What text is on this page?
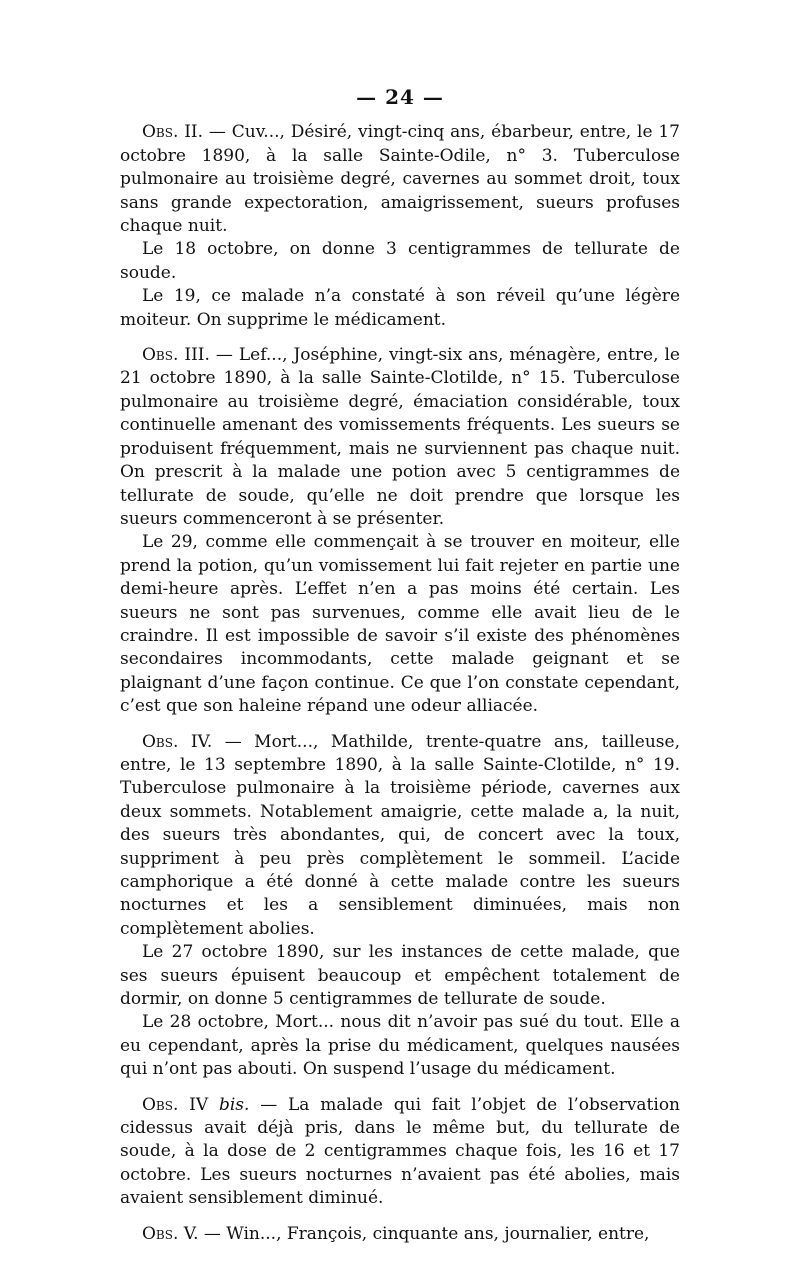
— 24 —

Obs. II. — Cuv..., Désiré, vingt-cinq ans, ébarbeur, entre, le 17 octobre 1890, à la salle Sainte-Odile, n° 3. Tuberculose pulmonaire au troisième degré, cavernes au sommet droit, toux sans grande expectoration, amaigrissement, sueurs profuses chaque nuit.

Le 18 octobre, on donne 3 centigrammes de tellurate de soude.

Le 19, ce malade n’a constaté à son réveil qu’une légère moiteur. On supprime le médicament.

Obs. III. — Lef..., Joséphine, vingt-six ans, ménagère, entre, le 21 octobre 1890, à la salle Sainte-Clotilde, n° 15. Tuberculose pulmonaire au troisième degré, émaciation considérable, toux continuelle amenant des vomissements fréquents. Les sueurs se produisent fréquemment, mais ne surviennent pas chaque nuit. On prescrit à la malade une potion avec 5 centigrammes de tellurate de soude, qu’elle ne doit prendre que lorsque les sueurs commenceront à se présenter.

Le 29, comme elle commençait à se trouver en moiteur, elle prend la potion, qu’un vomissement lui fait rejeter en partie une demi-heure après. L’effet n’en a pas moins été certain. Les sueurs ne sont pas survenues, comme elle avait lieu de le craindre. Il est impossible de savoir s’il existe des phénomènes secondaires incommodants, cette malade geignant et se plaignant d’une façon continue. Ce que l’on constate cependant, c’est que son haleine répand une odeur alliacée.

Obs. IV. — Mort..., Mathilde, trente-quatre ans, tailleuse, entre, le 13 septembre 1890, à la salle Sainte-Clotilde, n° 19. Tuberculose pulmonaire à la troisième période, cavernes aux deux sommets. Notablement amaigrie, cette malade a, la nuit, des sueurs très abondantes, qui, de concert avec la toux, suppriment à peu près complètement le sommeil. L’acide camphorique a été donné à cette malade contre les sueurs nocturnes et les a sensiblement diminuées, mais non complètement abolies.

Le 27 octobre 1890, sur les instances de cette malade, que ses sueurs épuisent beaucoup et empêchent totalement de dormir, on donne 5 centigrammes de tellurate de soude.

Le 28 octobre, Mort... nous dit n’avoir pas sué du tout. Elle a eu cependant, après la prise du médicament, quelques nausées qui n’ont pas abouti. On suspend l’usage du médicament.

Obs. IV bis. — La malade qui fait l’objet de l’observation cidessus avait déjà pris, dans le même but, du tellurate de soude, à la dose de 2 centigrammes chaque fois, les 16 et 17 octobre. Les sueurs nocturnes n’avaient pas été abolies, mais avaient sensiblement diminué.

Obs. V. — Win..., François, cinquante ans, journalier, entre,
